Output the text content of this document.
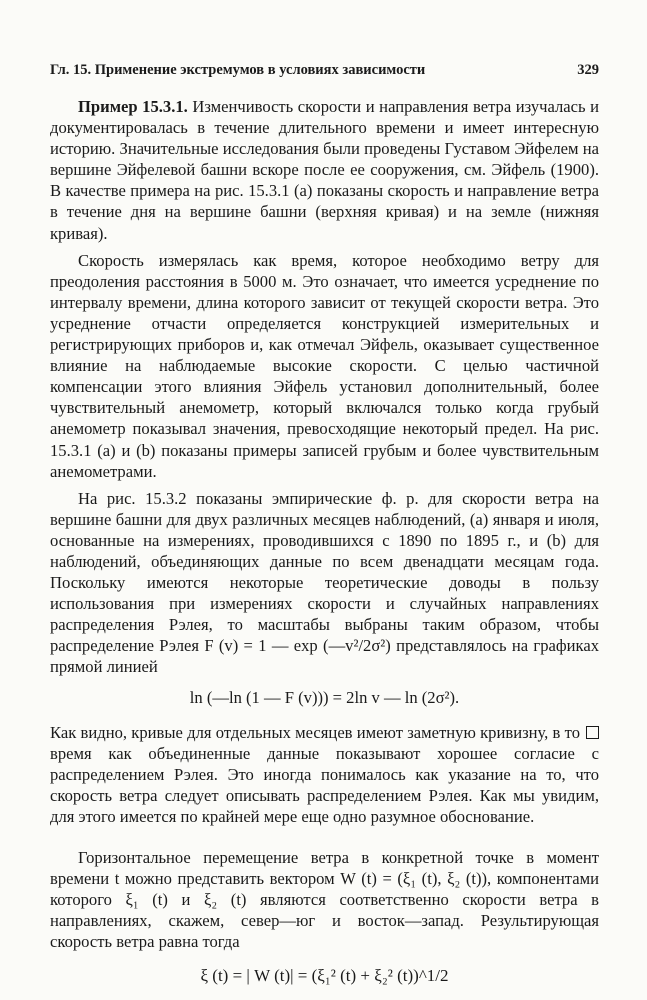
Гл. 15. Применение экстремумов в условиях зависимости	329

Пример 15.3.1. Изменчивость скорости и направления ветра изучалась и документировалась в течение длительного времени и имеет интересную историю. Значительные исследования были проведены Густавом Эйфелем на вершине Эйфелевой башни вскоре после ее сооружения, см. Эйфель (1900). В качестве примера на рис. 15.3.1 (а) показаны скорость и направление ветра в течение дня на вершине башни (верхняя кривая) и на земле (нижняя кривая).

Скорость измерялась как время, которое необходимо ветру для преодоления расстояния в 5000 м. Это означает, что имеется усреднение по интервалу времени, длина которого зависит от текущей скорости ветра. Это усреднение отчасти определяется конструкцией измерительных и регистрирующих приборов и, как отмечал Эйфель, оказывает существенное влияние на наблюдаемые высокие скорости. С целью частичной компенсации этого влияния Эйфель установил дополнительный, более чувствительный анемометр, который включался только когда грубый анемометр показывал значения, превосходящие некоторый предел. На рис. 15.3.1 (а) и (b) показаны примеры записей грубым и более чувствительным анемометрами.

На рис. 15.3.2 показаны эмпирические ф. р. для скорости ветра на вершине башни для двух различных месяцев наблюдений, (а) января и июля, основанные на измерениях, проводившихся с 1890 по 1895 г., и (b) для наблюдений, объединяющих данные по всем двенадцати месяцам года. Поскольку имеются некоторые теоретические доводы в пользу использования при измерениях скорости и случайных направлениях распределения Рэлея, то масштабы выбраны таким образом, чтобы распределение Рэлея F (v) = 1 — exp (—v²/2σ²) представлялось на графиках прямой линией

ln (—ln (1 — F (v))) = 2ln v — ln (2σ²).

Как видно, кривые для отдельных месяцев имеют заметную кривизну, в то время как объединенные данные показывают хорошее согласие с распределением Рэлея. Это иногда понималось как указание на то, что скорость ветра следует описывать распределением Рэлея. Как мы увидим, для этого имеется по крайней мере еще одно разумное обоснование.

Горизонтальное перемещение ветра в конкретной точке в момент времени t можно представить вектором W (t) = (ξ₁ (t), ξ₂ (t)), компонентами которого ξ₁ (t) и ξ₂ (t) являются соответственно скорости ветра в направлениях, скажем, север—юг и восток—запад. Результирующая скорость ветра равна тогда

ξ (t) = | W (t)| = (ξ₁² (t) + ξ₂² (t))^1/2
